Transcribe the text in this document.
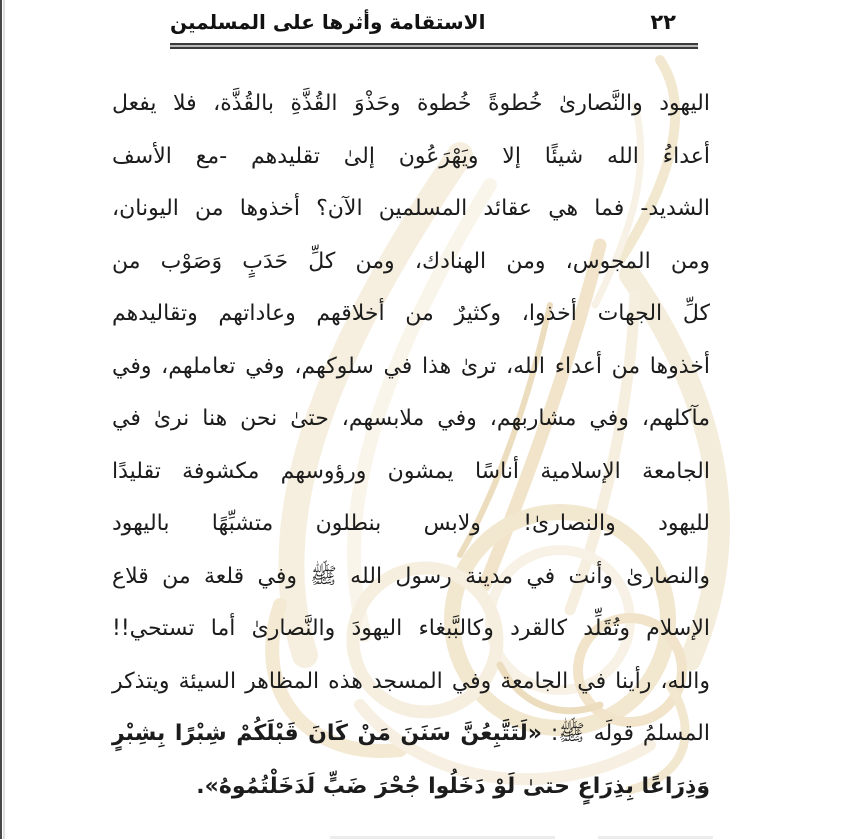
الاستقامة وأثرها على المسلمين	٢٢
اليهود والنَّصارىٰ خُطوةً خُطوة وحَذْوَ القُذَّةِ بالقُذَّة، فلا يفعل
أعداءُ الله شيئًا إلا ويَهْرَعُون إلىٰ تقليدهم -مع الأسف
الشديد- فما هي عقائد المسلمين الآن؟ أخذوها من اليونان،
ومن المجوس، ومن الهنادك، ومن كلِّ حَدَبٍ وَصَوْب من
كلِّ الجهات أخذوا، وكثيرٌ من أخلاقهم وعاداتهم وتقاليدهم
أخذوها من أعداء الله، ترىٰ هذا في سلوكهم، وفي تعاملهم، وفي
مآكلهم، وفي مشاربهم، وفي ملابسهم، حتىٰ نحن هنا نرىٰ في
الجامعة الإسلامية أناسًا يمشون ورؤوسهم مكشوفة تقليدًا
لليهود والنصارىٰ! ولابس بنطلون متشبِّهًا باليهود
والنصارىٰ وأنت في مدينة رسول الله ﷺ وفي قلعة من قلاع
الإسلام وتُقَلِّد كالقرد وكالبَّبغاء اليهودَ والنَّصارىٰ أما تستحي!!
والله، رأينا في الجامعة وفي المسجد هذه المظاهر السيئة ويتذكر
المسلمُ قولَه ﷺ: «لَتَتَّبِعُنَّ سَنَنَ مَنْ كَانَ قَبْلَكُمْ شِبْرًا بِشِبْرٍ
وَذِرَاعًا بِذِرَاعٍ حتىٰ لَوْ دَخَلُوا جُحْرَ ضَبٍّ لَدَخَلْتُمُوهُ».
